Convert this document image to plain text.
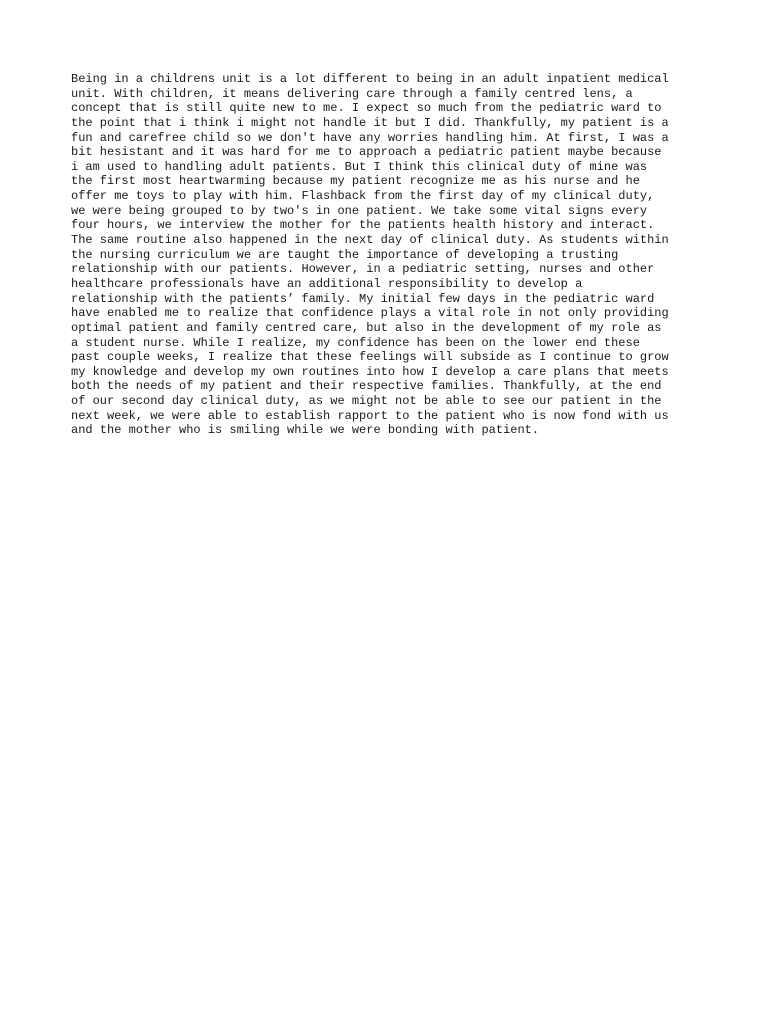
Being in a childrens unit is a lot different to being in an adult inpatient medical
unit. With children, it means delivering care through a family centred lens, a
concept that is still quite new to me. I expect so much from the pediatric ward to
the point that i think i might not handle it but I did. Thankfully, my patient is a
fun and carefree child so we don't have any worries handling him. At first, I was a
bit hesistant and it was hard for me to approach a pediatric patient maybe because
i am used to handling adult patients. But I think this clinical duty of mine was
the first most heartwarming because my patient recognize me as his nurse and he
offer me toys to play with him. Flashback from the first day of my clinical duty,
we were being grouped to by two's in one patient. We take some vital signs every
four hours, we interview the mother for the patients health history and interact.
The same routine also happened in the next day of clinical duty. As students within
the nursing curriculum we are taught the importance of developing a trusting
relationship with our patients. However, in a pediatric setting, nurses and other
healthcare professionals have an additional responsibility to develop a
relationship with the patients’ family. My initial few days in the pediatric ward
have enabled me to realize that confidence plays a vital role in not only providing
optimal patient and family centred care, but also in the development of my role as
a student nurse. While I realize, my confidence has been on the lower end these
past couple weeks, I realize that these feelings will subside as I continue to grow
my knowledge and develop my own routines into how I develop a care plans that meets
both the needs of my patient and their respective families. Thankfully, at the end
of our second day clinical duty, as we might not be able to see our patient in the
next week, we were able to establish rapport to the patient who is now fond with us
and the mother who is smiling while we were bonding with patient.
